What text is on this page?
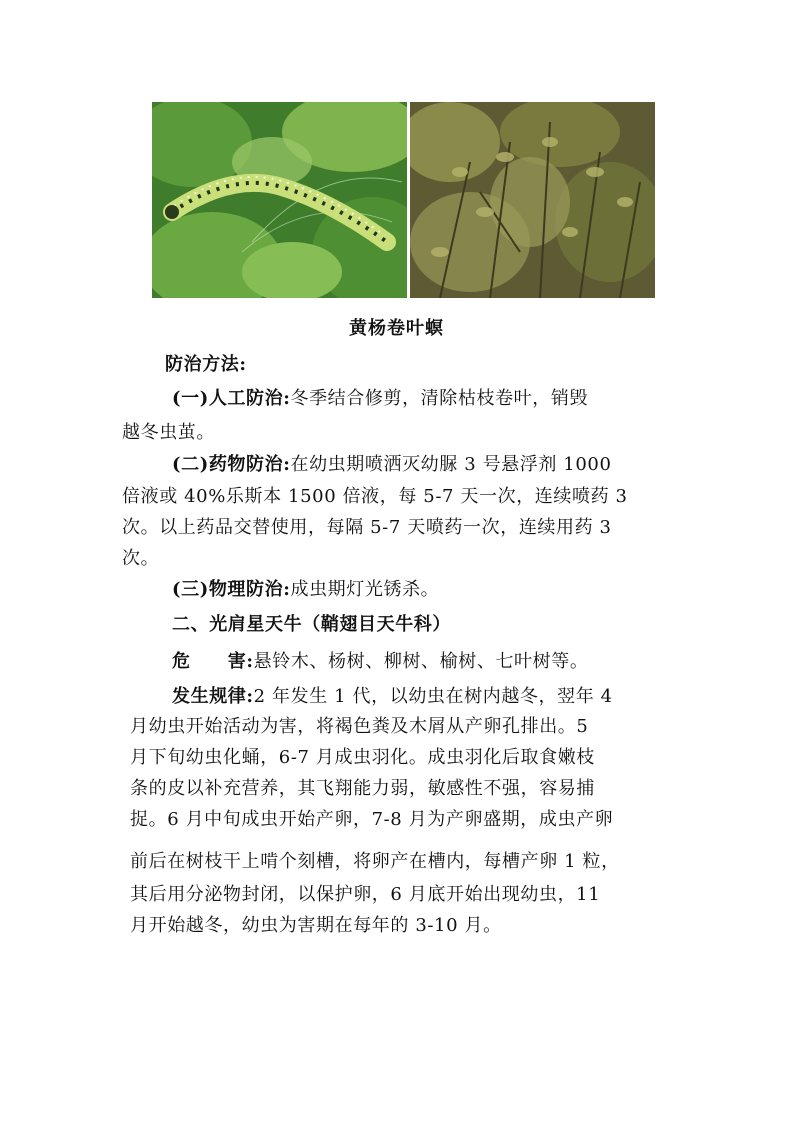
黄杨卷叶螟
防治方法:
(一)人工防治:冬季结合修剪，清除枯枝卷叶，销毁
越冬虫茧。
(二)药物防治:在幼虫期喷洒灭幼脲 3 号悬浮剂 1000
倍液或 40%乐斯本 1500 倍液，每 5-7 天一次，连续喷药 3
次。以上药品交替使用，每隔 5-7 天喷药一次，连续用药 3
次。
(三)物理防治:成虫期灯光锈杀。
二、光肩星天牛（鞘翅目天牛科）
危　　害:悬铃木、杨树、柳树、榆树、七叶树等。
发生规律:2 年发生 1 代，以幼虫在树内越冬，翌年 4
月幼虫开始活动为害，将褐色粪及木屑从产卵孔排出。5
月下旬幼虫化蛹，6-7 月成虫羽化。成虫羽化后取食嫩枝
条的皮以补充营养，其飞翔能力弱，敏感性不强，容易捕
捉。6 月中旬成虫开始产卵，7-8 月为产卵盛期，成虫产卵
前后在树枝干上啃个刻槽，将卵产在槽内，每槽产卵 1 粒，
其后用分泌物封闭，以保护卵，6 月底开始出现幼虫，11
月开始越冬，幼虫为害期在每年的 3-10 月。
